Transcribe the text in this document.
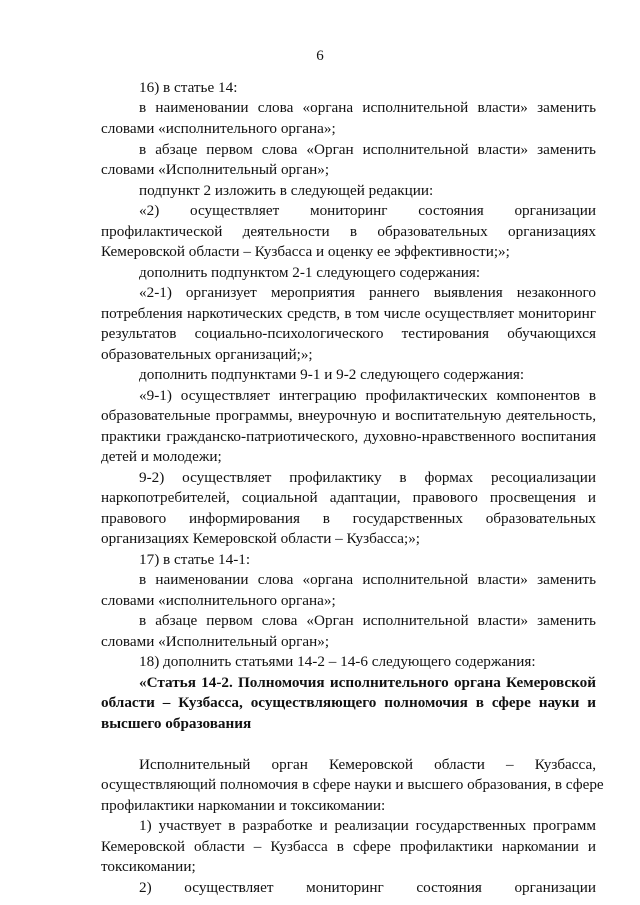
6
16) в статье 14:
в наименовании слова «органа исполнительной власти» заменить
словами «исполнительного органа»;
в абзаце первом слова «Орган исполнительной власти» заменить
словами «Исполнительный орган»;
подпункт 2 изложить в следующей редакции:
«2) осуществляет мониторинг состояния организации
профилактической деятельности в образовательных организациях
Кемеровской области – Кузбасса и оценку ее эффективности;»;
дополнить подпунктом 2-1 следующего содержания:
«2-1) организует мероприятия раннего выявления незаконного
потребления наркотических средств, в том числе осуществляет мониторинг
результатов социально-психологического тестирования обучающихся
образовательных организаций;»;
дополнить подпунктами 9-1 и 9-2 следующего содержания:
«9-1) осуществляет интеграцию профилактических компонентов в
образовательные программы, внеурочную и воспитательную деятельность,
практики гражданско-патриотического, духовно-нравственного воспитания
детей и молодежи;
9-2) осуществляет профилактику в формах ресоциализации
наркопотребителей, социальной адаптации, правового просвещения и
правового информирования в государственных образовательных
организациях Кемеровской области – Кузбасса;»;
17) в статье 14-1:
в наименовании слова «органа исполнительной власти» заменить
словами «исполнительного органа»;
в абзаце первом слова «Орган исполнительной власти» заменить
словами «Исполнительный орган»;
18) дополнить статьями 14-2 – 14-6 следующего содержания:
«Статья 14-2. Полномочия исполнительного органа Кемеровской
области – Кузбасса, осуществляющего полномочия в сфере науки и
высшего образования
Исполнительный орган Кемеровской области – Кузбасса,
осуществляющий полномочия в сфере науки и высшего образования, в сфере
профилактики наркомании и токсикомании:
1) участвует в разработке и реализации государственных программ
Кемеровской области – Кузбасса в сфере профилактики наркомании и
токсикомании;
2) осуществляет мониторинг состояния организации
